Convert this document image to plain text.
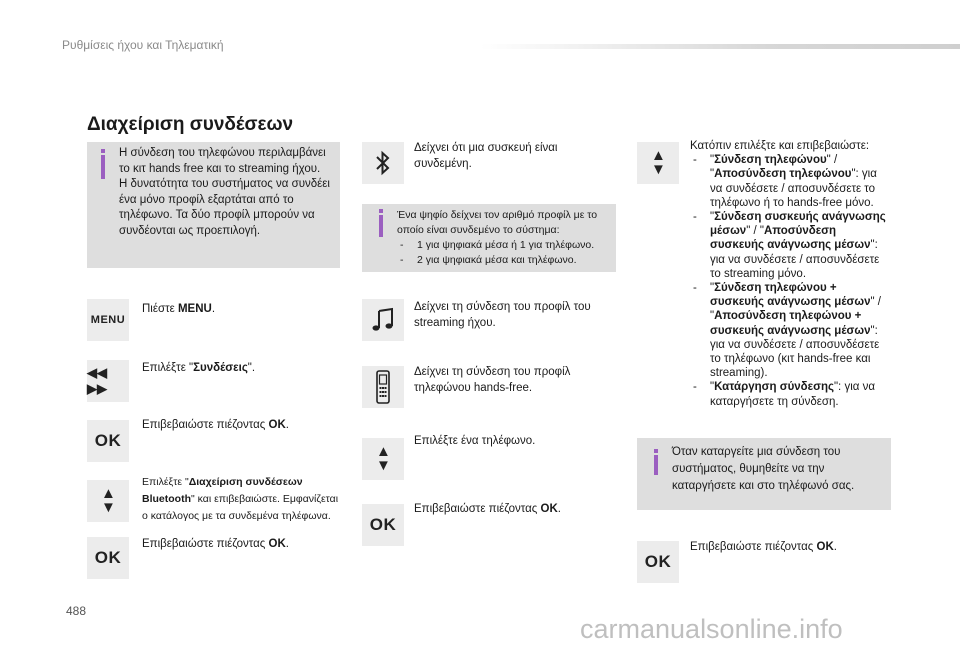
Ρυθμίσεις ήχου και Τηλεματική
Διαχείριση συνδέσεων
Η σύνδεση του τηλεφώνου περιλαμβάνει το κιτ hands free και το streaming ήχου.
Η δυνατότητα του συστήματος να συνδέει ένα μόνο προφίλ εξαρτάται από το τηλέφωνο. Τα δύο προφίλ μπορούν να συνδέονται ως προεπιλογή.
MENU
Πιέστε MENU.
◀◀ ▶▶
Επιλέξτε "Συνδέσεις".
OK
Επιβεβαιώστε πιέζοντας OK.
▲▼
Επιλέξτε "Διαχείριση συνδέσεων Bluetooth" και επιβεβαιώστε. Εμφανίζεται ο κατάλογος με τα συνδεμένα τηλέφωνα.
OK
Επιβεβαιώστε πιέζοντας OK.
Δείχνει ότι μια συσκευή είναι συνδεμένη.
Ένα ψηφίο δείχνει τον αριθμό προφίλ με το οποίο είναι συνδεμένο το σύστημα:
- 1 για ψηφιακά μέσα ή 1 για τηλέφωνο.
- 2 για ψηφιακά μέσα και τηλέφωνο.
Δείχνει τη σύνδεση του προφίλ του streaming ήχου.
Δείχνει τη σύνδεση του προφίλ τηλεφώνου hands-free.
▲▼
Επιλέξτε ένα τηλέφωνο.
OK
Επιβεβαιώστε πιέζοντας OK.
▲▼
Κατόπιν επιλέξτε και επιβεβαιώστε:
- "Σύνδεση τηλεφώνου" / "Αποσύνδεση τηλεφώνου": για να συνδέσετε / αποσυνδέσετε το τηλέφωνο ή το hands-free μόνο.
- "Σύνδεση συσκευής ανάγνωσης μέσων" / "Αποσύνδεση συσκευής ανάγνωσης μέσων": για να συνδέσετε / αποσυνδέσετε το streaming μόνο.
- "Σύνδεση τηλεφώνου + συσκευής ανάγνωσης μέσων" / "Αποσύνδεση τηλεφώνου + συσκευής ανάγνωσης μέσων": για να συνδέσετε / αποσυνδέσετε το τηλέφωνο (κιτ hands-free και streaming).
- "Κατάργηση σύνδεσης": για να καταργήσετε τη σύνδεση.
Όταν καταργείτε μια σύνδεση του συστήματος, θυμηθείτε να την καταργήσετε και στο τηλέφωνό σας.
OK
Επιβεβαιώστε πιέζοντας OK.
488
carmanualsonline.info
